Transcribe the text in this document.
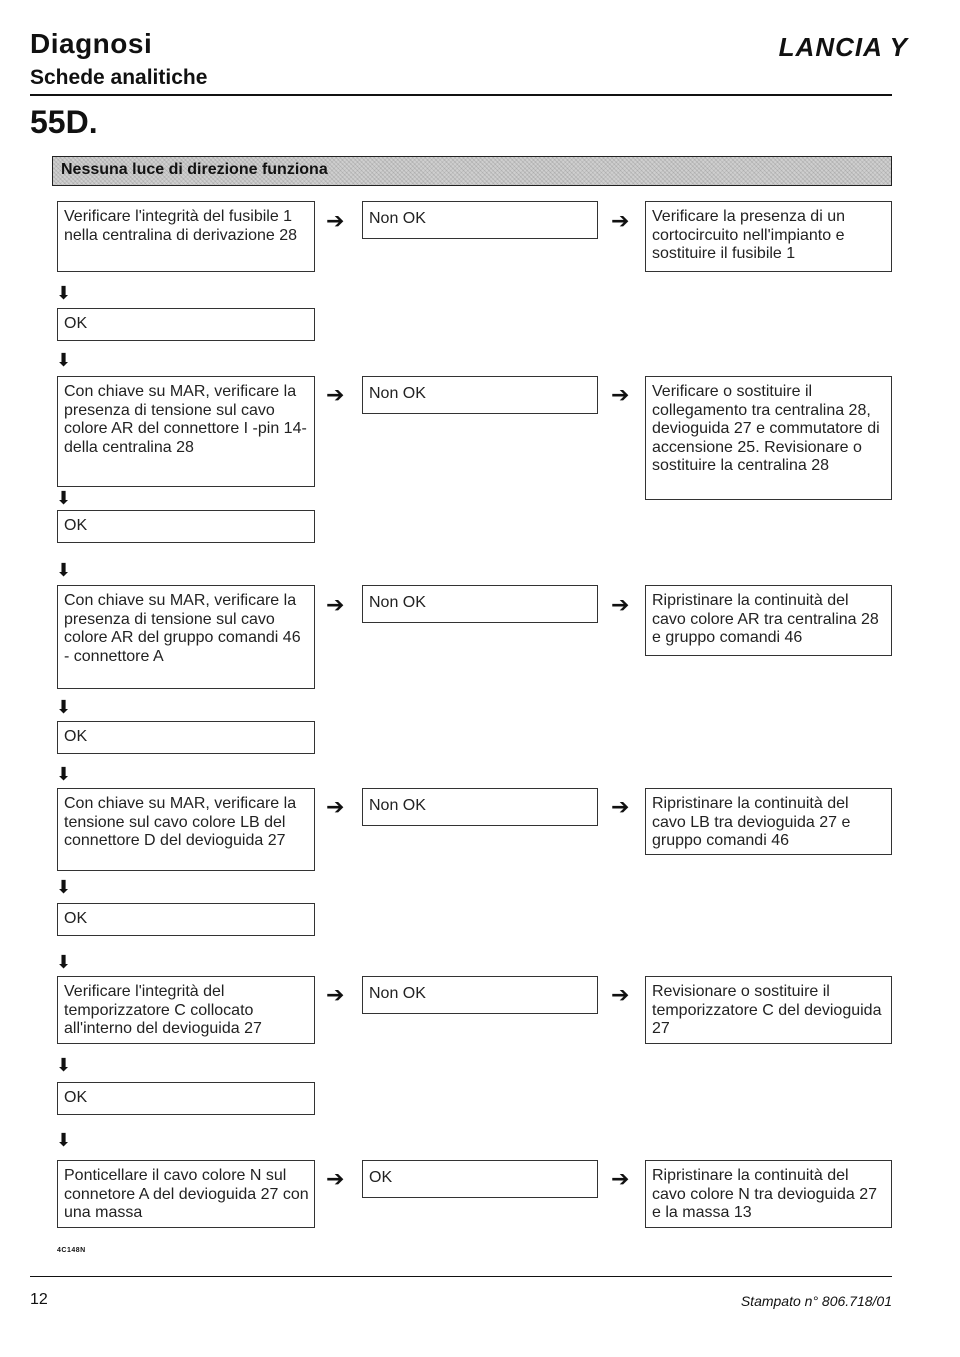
Diagnosi
Schede analitiche
LANCIA Y
55D.
Nessuna luce di direzione funziona
Verificare l'integrità del fusibile 1 nella centralina di derivazione 28
➔	Non OK	➔	Verificare la presenza di un cortocircuito nell'impianto e sostituire il fusibile 1
⬇
OK
⬇
Con chiave su MAR, verificare la presenza di tensione sul cavo colore AR del connettore I -pin 14- della centralina 28
➔	Non OK	➔	Verificare o sostituire il collegamento tra centralina 28, devioguida 27 e commutatore di accensione 25. Revisionare o sostituire la centralina 28
⬇
OK
⬇
Con chiave su MAR, verificare la presenza di tensione sul cavo colore AR del gruppo comandi 46 - connettore A
➔	Non OK	➔	Ripristinare la continuità del cavo colore AR tra centralina 28 e gruppo comandi 46
⬇
OK
⬇
Con chiave su MAR, verificare la tensione sul cavo colore LB del connettore D del devioguida 27
➔	Non OK	➔	Ripristinare la continuità del cavo LB tra devioguida 27 e gruppo comandi 46
⬇
OK
⬇
Verificare l'integrità del temporizzatore C collocato all'interno del devioguida 27
➔	Non OK	➔	Revisionare o sostituire il temporizzatore C del devioguida 27
⬇
OK
⬇
Ponticellare il cavo colore N sul connetore A del devioguida 27 con una massa
➔	OK	➔	Ripristinare la continuità del cavo colore N tra devioguida 27 e la massa 13
4C148N
12	Stampato n° 806.718/01
